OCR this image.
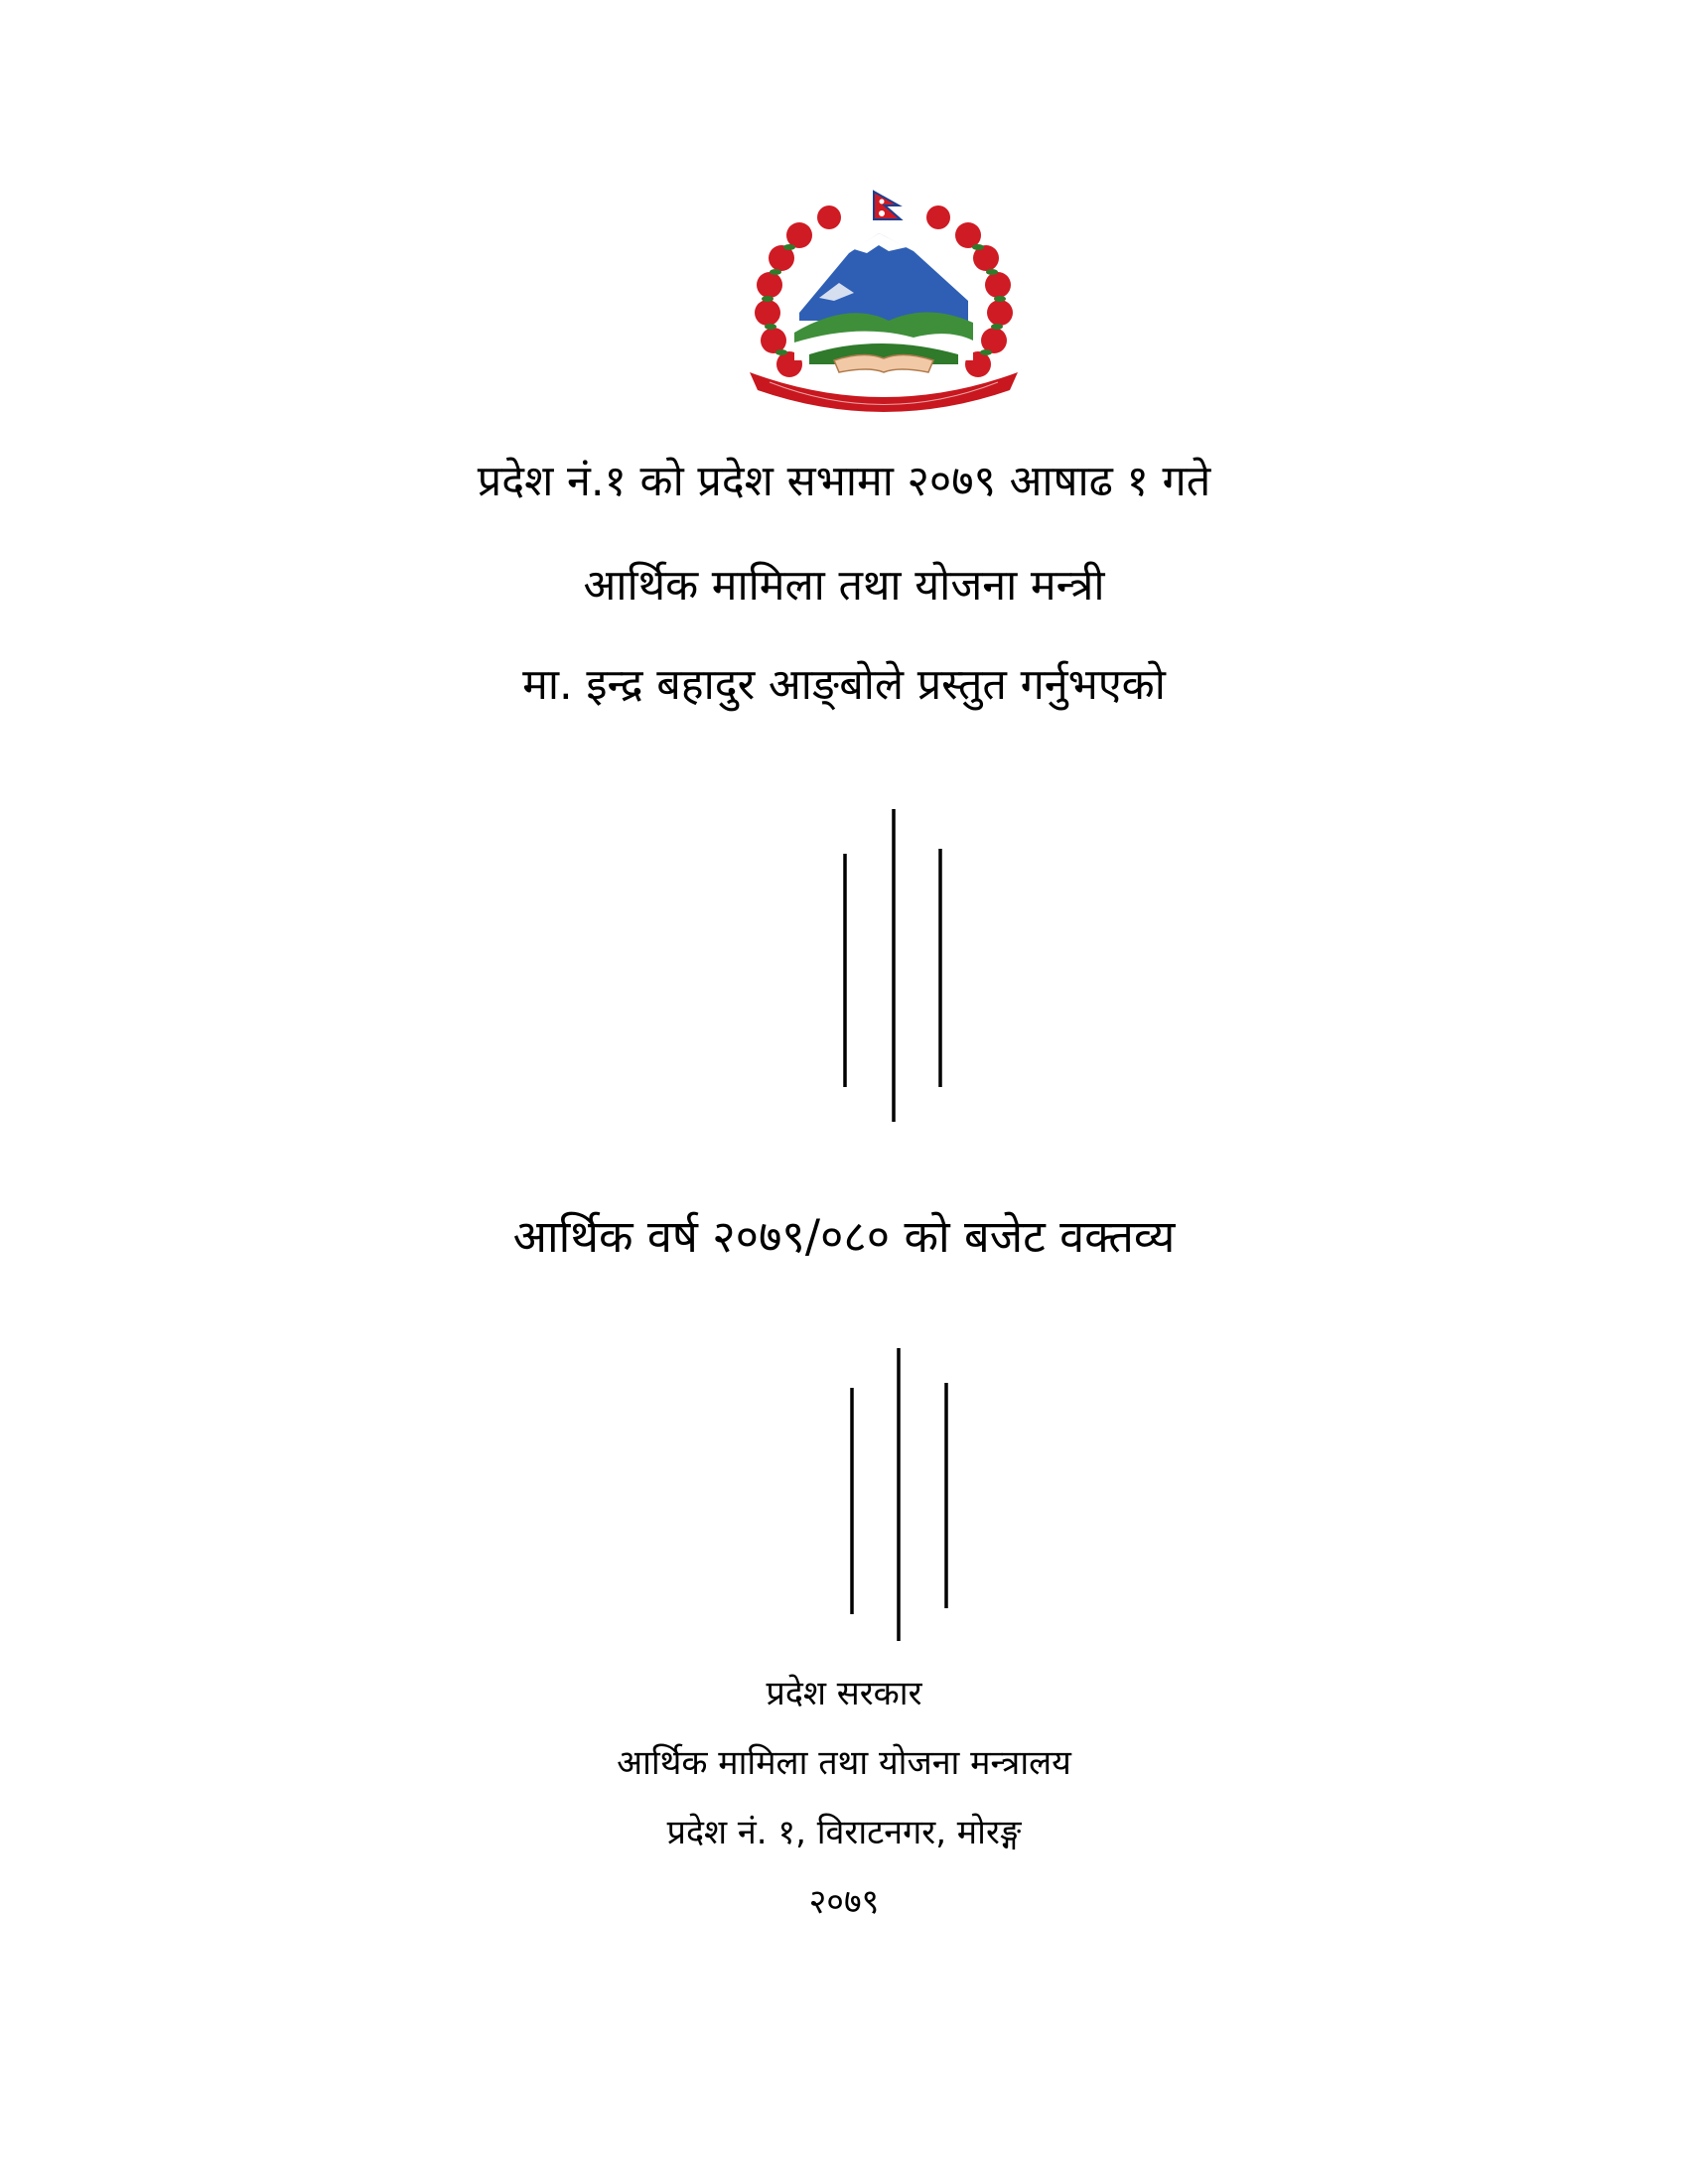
प्रदेश नं.१ को प्रदेश सभामा २०७९ आषाढ १ गते
आर्थिक मामिला तथा योजना मन्त्री
मा. इन्द्र बहादुर आङ्बोले प्रस्तुत गर्नुभएको
आर्थिक वर्ष २०७९/०८० को बजेट वक्तव्य
प्रदेश सरकार
आर्थिक मामिला तथा योजना मन्त्रालय
प्रदेश नं. १, विराटनगर, मोरङ्ग
२०७९
